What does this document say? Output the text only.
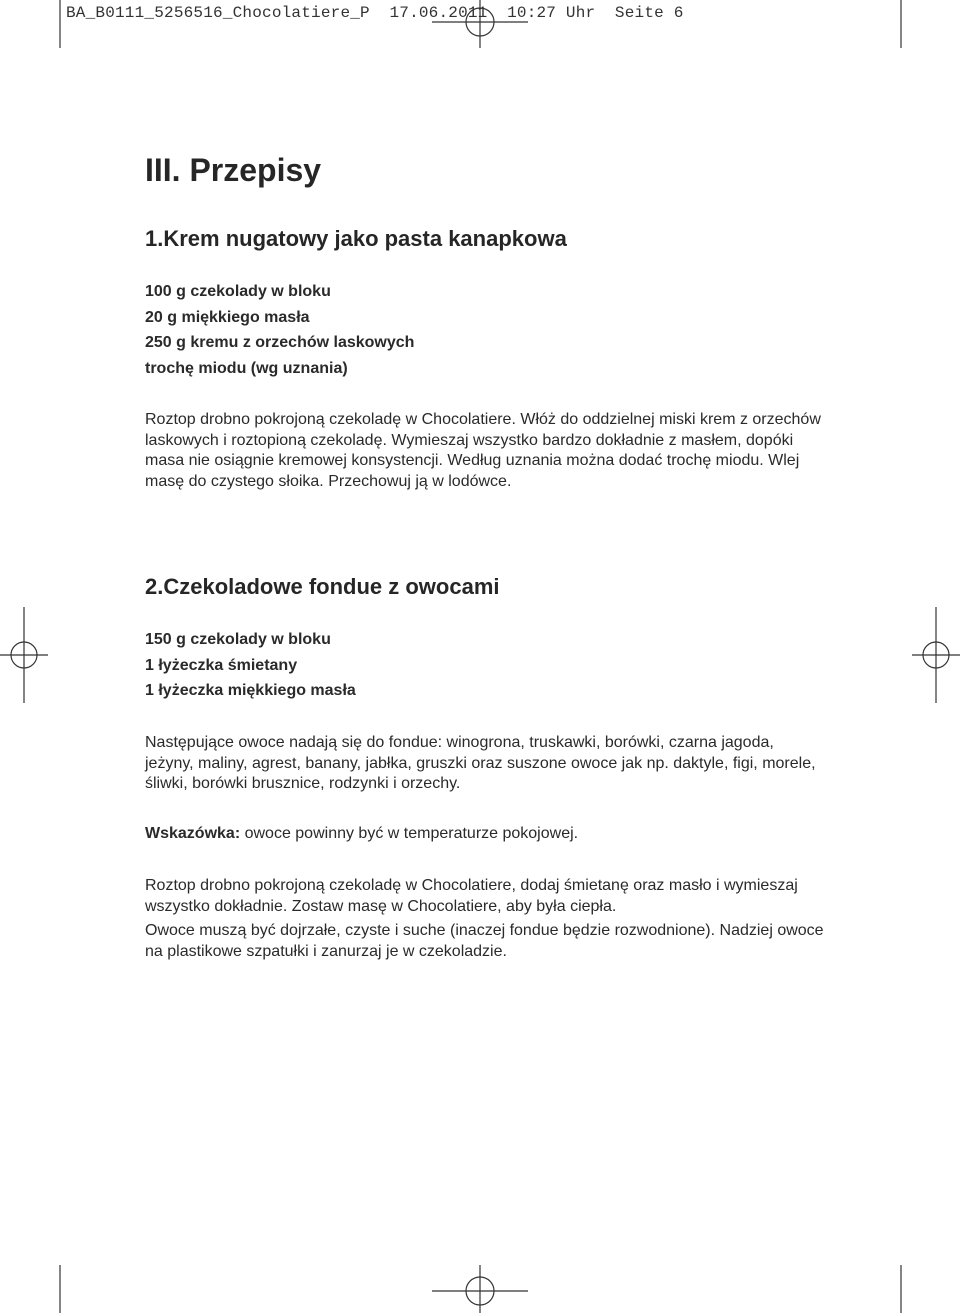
BA_B0111_5256516_Chocolatiere_P 17.06.2011 10:27 Uhr Seite 6
III. Przepisy
1.Krem nugatowy jako pasta kanapkowa
100 g czekolady w bloku
20 g miękkiego masła
250 g kremu z orzechów laskowych
trochę miodu (wg uznania)

Roztop drobno pokrojoną czekoladę w Chocolatiere. Włóż do oddzielnej miski krem z orzechów laskowych i roztopioną czekoladę. Wymieszaj wszystko bardzo dokładnie z masłem, dopóki masa nie osiągnie kremowej konsystencji. Według uznania można dodać trochę miodu. Wlej masę do czystego słoika. Przechowuj ją w lodówce.

2.Czekoladowe fondue z owocami
150 g czekolady w bloku
1 łyżeczka śmietany
1 łyżeczka miękkiego masła

Następujące owoce nadają się do fondue: winogrona, truskawki, borówki, czarna jagoda, jeżyny, maliny, agrest, banany, jabłka, gruszki oraz suszone owoce jak np. daktyle, figi, morele, śliwki, borówki brusznice, rodzynki i orzechy.

Wskazówka: owoce powinny być w temperaturze pokojowej.

Roztop drobno pokrojoną czekoladę w Chocolatiere, dodaj śmietanę oraz masło i wymieszaj wszystko dokładnie. Zostaw masę w Chocolatiere, aby była ciepła.

Owoce muszą być dojrzałe, czyste i suche (inaczej fondue będzie rozwodnione). Nadziej owoce na plastikowe szpatułki i zanurzaj je w czekoladzie.
